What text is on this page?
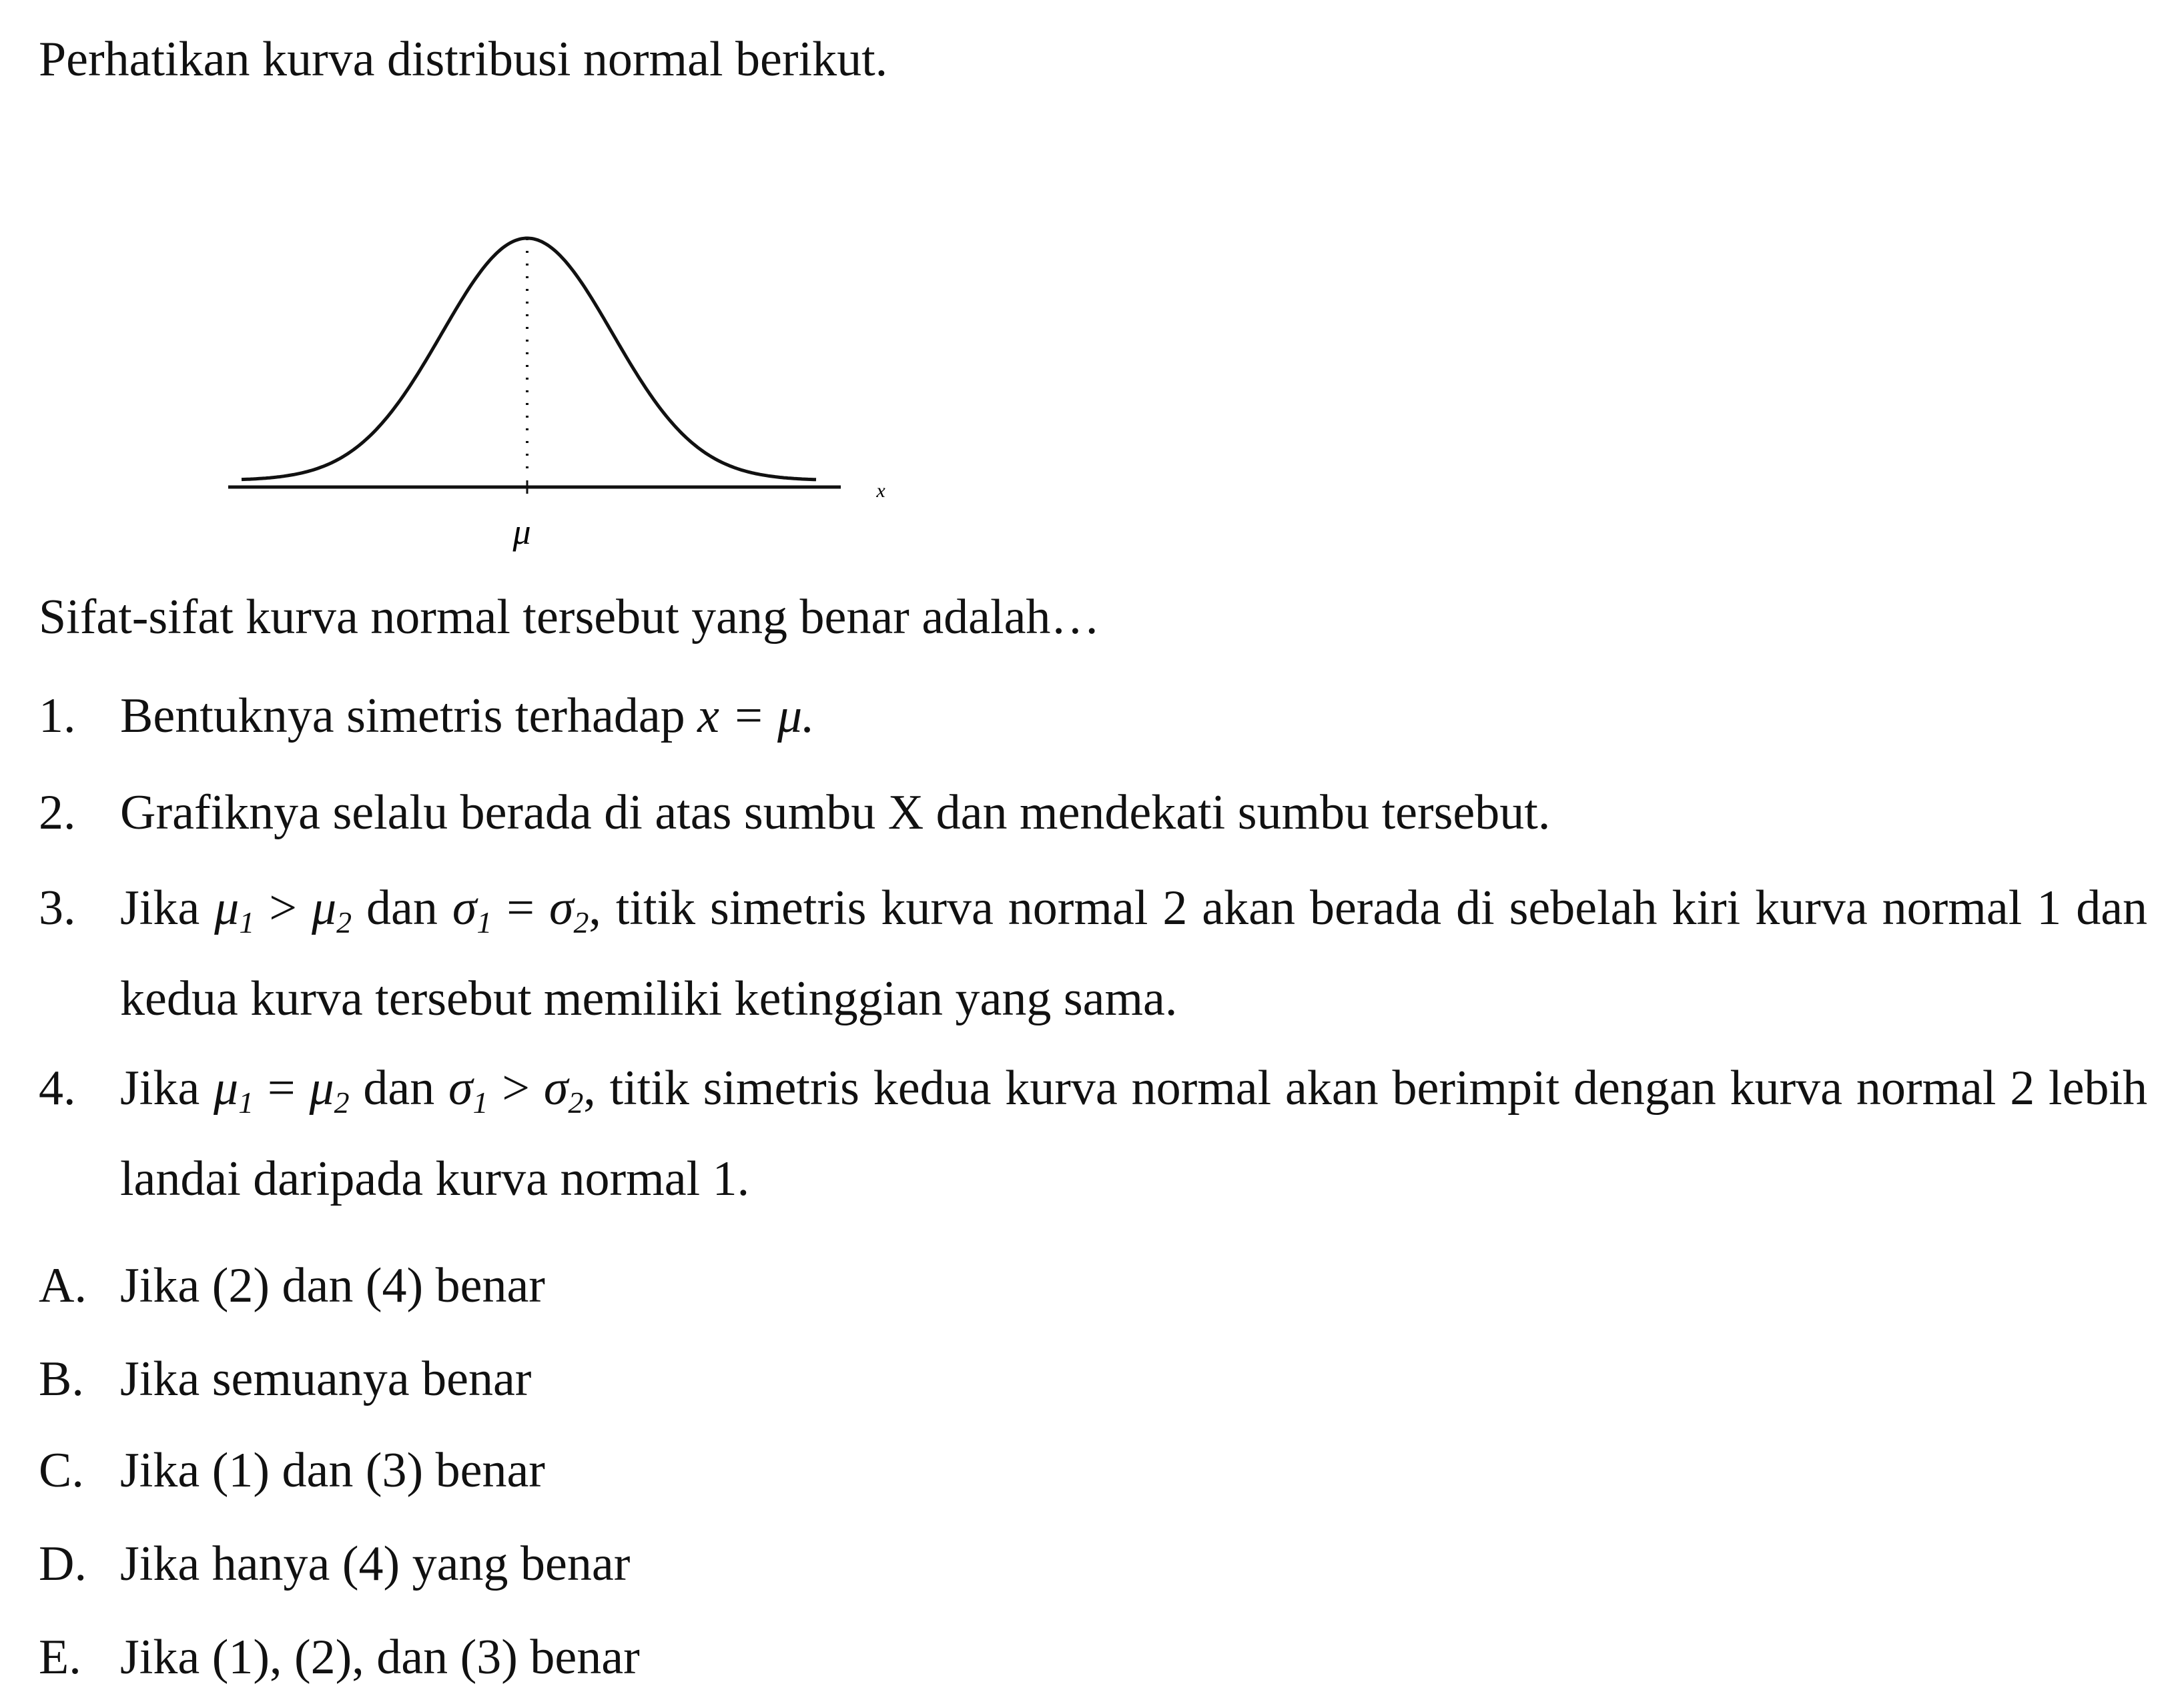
Perhatikan kurva distribusi normal berikut.
μ
x
Sifat-sifat kurva normal tersebut yang benar adalah…
1. Bentuknya simetris terhadap x = μ.
2. Grafiknya selalu berada di atas sumbu X dan mendekati sumbu tersebut.
3. Jika $\mu_1 > \mu_2$ dan $\sigma_1 = \sigma_2$, titik simetris kurva normal 2 akan berada di sebelah kiri kurva normal 1 dan kedua kurva tersebut memiliki ketinggian yang sama.
4. Jika $\mu_1 = \mu_2$ dan $\sigma_1 > \sigma_2$, titik simetris kedua kurva normal akan berimpit dengan kurva normal 2 lebih landai daripada kurva normal 1.
A. Jika (2) dan (4) benar
B. Jika semuanya benar
C. Jika (1) dan (3) benar
D. Jika hanya (4) yang benar
E. Jika (1), (2), dan (3) benar
